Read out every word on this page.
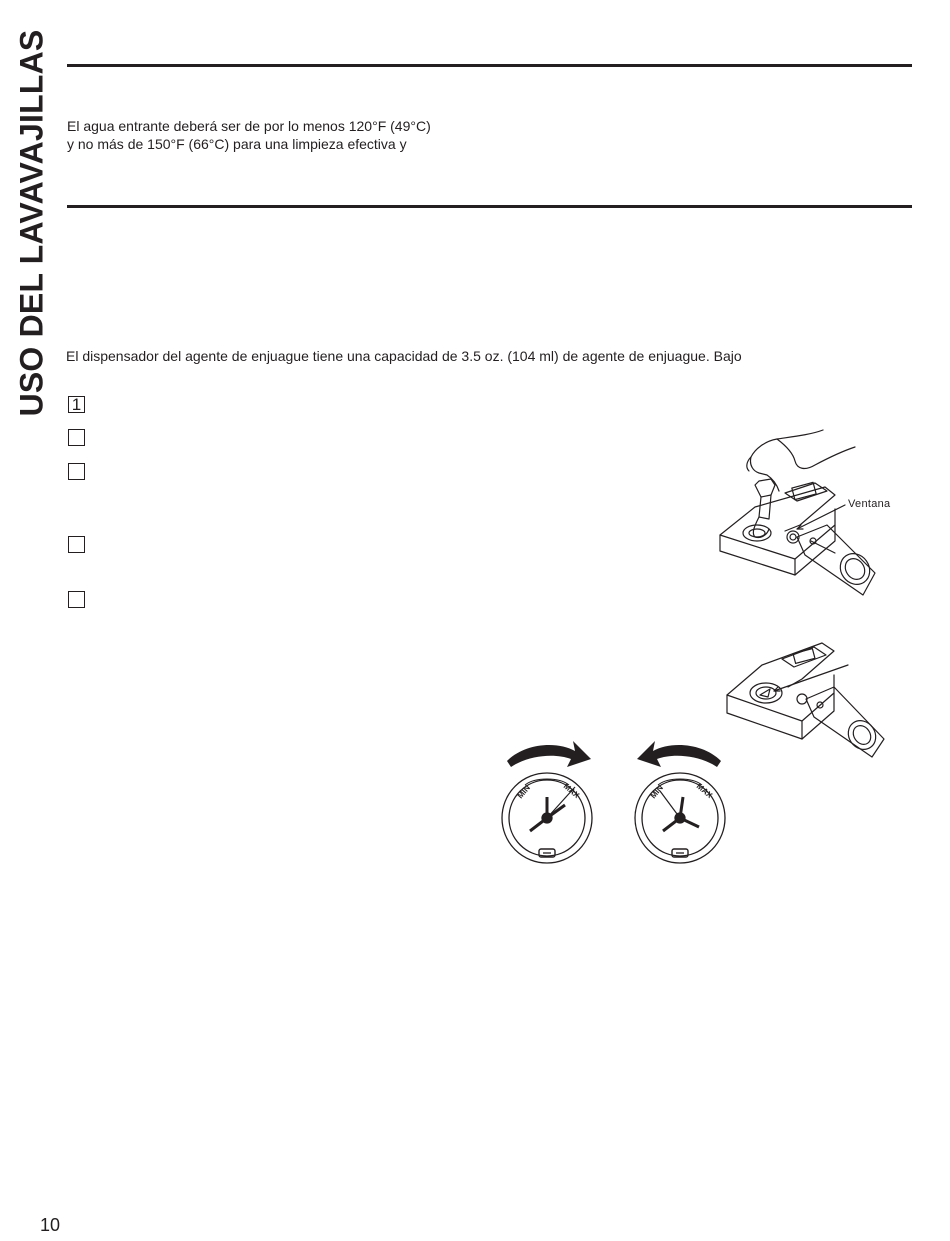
USO DEL LAVAVAJILLAS El agua entrante deberá ser de por lo menos 120°F (49°C)
y no más de 150°F (66°C) para una limpieza efectiva y
El dispensador del agente de enjuague tiene una capacidad de 3.5 oz. (104 ml) de agente de enjuague. Bajo
1
Ventana
MIN	MAX	MIN	MAX
10
